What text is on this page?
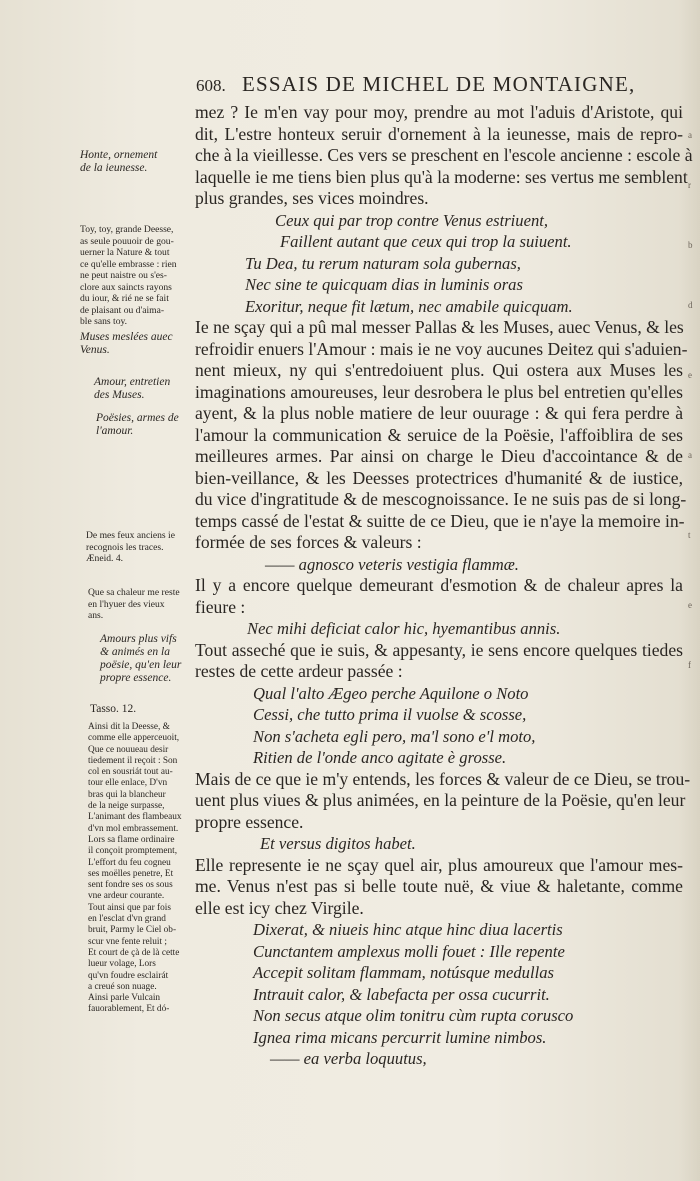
608. ESSAIS DE MICHEL DE MONTAIGNE,
mez ? Ie m'en vay pour moy, prendre au mot l'aduis d'Aristote, qui
dit, L'estre honteux seruir d'ornement à la ieunesse, mais de repro-
che à la vieillesse. Ces vers se preschent en l'escole ancienne : escole à
laquelle ie me tiens bien plus qu'à la moderne: ses vertus me semblent
plus grandes, ses vices moindres.
Ceux qui par trop contre Venus estriuent,
Faillent autant que ceux qui trop la suiuent.
Tu Dea, tu rerum naturam sola gubernas,
Nec sine te quicquam dias in luminis oras
Exoritur, neque fit lætum, nec amabile quicquam.
Ie ne sçay qui a pû mal messer Pallas & les Muses, auec Venus, & les
refroidir enuers l'Amour : mais ie ne voy aucunes Deitez qui s'aduien-
nent mieux, ny qui s'entredoiuent plus. Qui ostera aux Muses les
imaginations amoureuses, leur desrobera le plus bel entretien qu'elles
ayent, & la plus noble matiere de leur ouurage : & qui fera perdre à
l'amour la communication & seruice de la Poësie, l'affoiblira de ses
meilleures armes. Par ainsi on charge le Dieu d'accointance & de
bien-veillance, & les Deesses protectrices d'humanité & de iustice,
du vice d'ingratitude & de mescognoissance. Ie ne suis pas de si long-
temps cassé de l'estat & suitte de ce Dieu, que ie n'aye la memoire in-
formée de ses forces & valeurs :
—— agnosco veteris vestigia flammæ.
Il y a encore quelque demeurant d'esmotion & de chaleur apres la
fieure :
Nec mihi deficiat calor hic, hyemantibus annis.
Tout asseché que ie suis, & appesanty, ie sens encore quelques tiedes
restes de cette ardeur passée :
Qual l'alto Ægeo perche Aquilone o Noto
Cessi, che tutto prima il vuolse & scosse,
Non s'acheta egli pero, ma'l sono e'l moto,
Ritien de l'onde anco agitate è grosse.
Mais de ce que ie m'y entends, les forces & valeur de ce Dieu, se trou-
uent plus viues & plus animées, en la peinture de la Poësie, qu'en leur
propre essence.
Et versus digitos habet.
Elle represente ie ne sçay quel air, plus amoureux que l'amour mes-
me. Venus n'est pas si belle toute nuë, & viue & haletante, comme
elle est icy chez Virgile.
Dixerat, & niueis hinc atque hinc diua lacertis
Cunctantem amplexus molli fouet : Ille repente
Accepit solitam flammam, notúsque medullas
Intrauit calor, & labefacta per ossa cucurrit.
Non secus atque olim tonitru cùm rupta corusco
Ignea rima micans percurrit lumine nimbos.
—— ea verba loquutus,
Honte, ornement
de la ieunesse.
Toy, toy, grande Deesse,
as seule pouuoir de gou-
uerner la Nature & tout
ce qu'elle embrasse : rien
ne peut naistre ou s'es-
clore aux saincts rayons
du iour, & rié ne se fait
de plaisant ou d'aima-
ble sans toy.
Muses meslées auec
Venus.
Amour, entretien
des Muses.
Poësies, armes de
l'amour.
De mes feux anciens ie
recognois les traces.
Æneid. 4.
Que sa chaleur me reste
en l'hyuer des vieux
ans.
Amours plus vifs
& animés en la
poësie, qu'en leur
propre essence.
Tasso. 12.
Ainsi dit la Deesse, &
comme elle apperceuoit,
Que ce nouueau desir
tiedement il reçoit : Son
col en sousriát tout au-
tour elle enlace, D'vn
bras qui la blancheur
de la neige surpasse,
L'animant des flambeaux
d'vn mol embrassement.
Lors sa flame ordinaire
il conçoit promptement,
L'effort du feu cogneu
ses moëlles penetre, Et
sent fondre ses os sous
vne ardeur courante.
Tout ainsi que par fois
en l'esclat d'vn grand
bruit, Parmy le Ciel ob-
scur vne fente reluit ;
Et court de çà de là cette
lueur volage, Lors
qu'vn foudre esclairát
a creué son nuage.
Ainsi parle Vulcain
fauorablement, Et dó-
a
r
b
d
e
a
t
e
f
